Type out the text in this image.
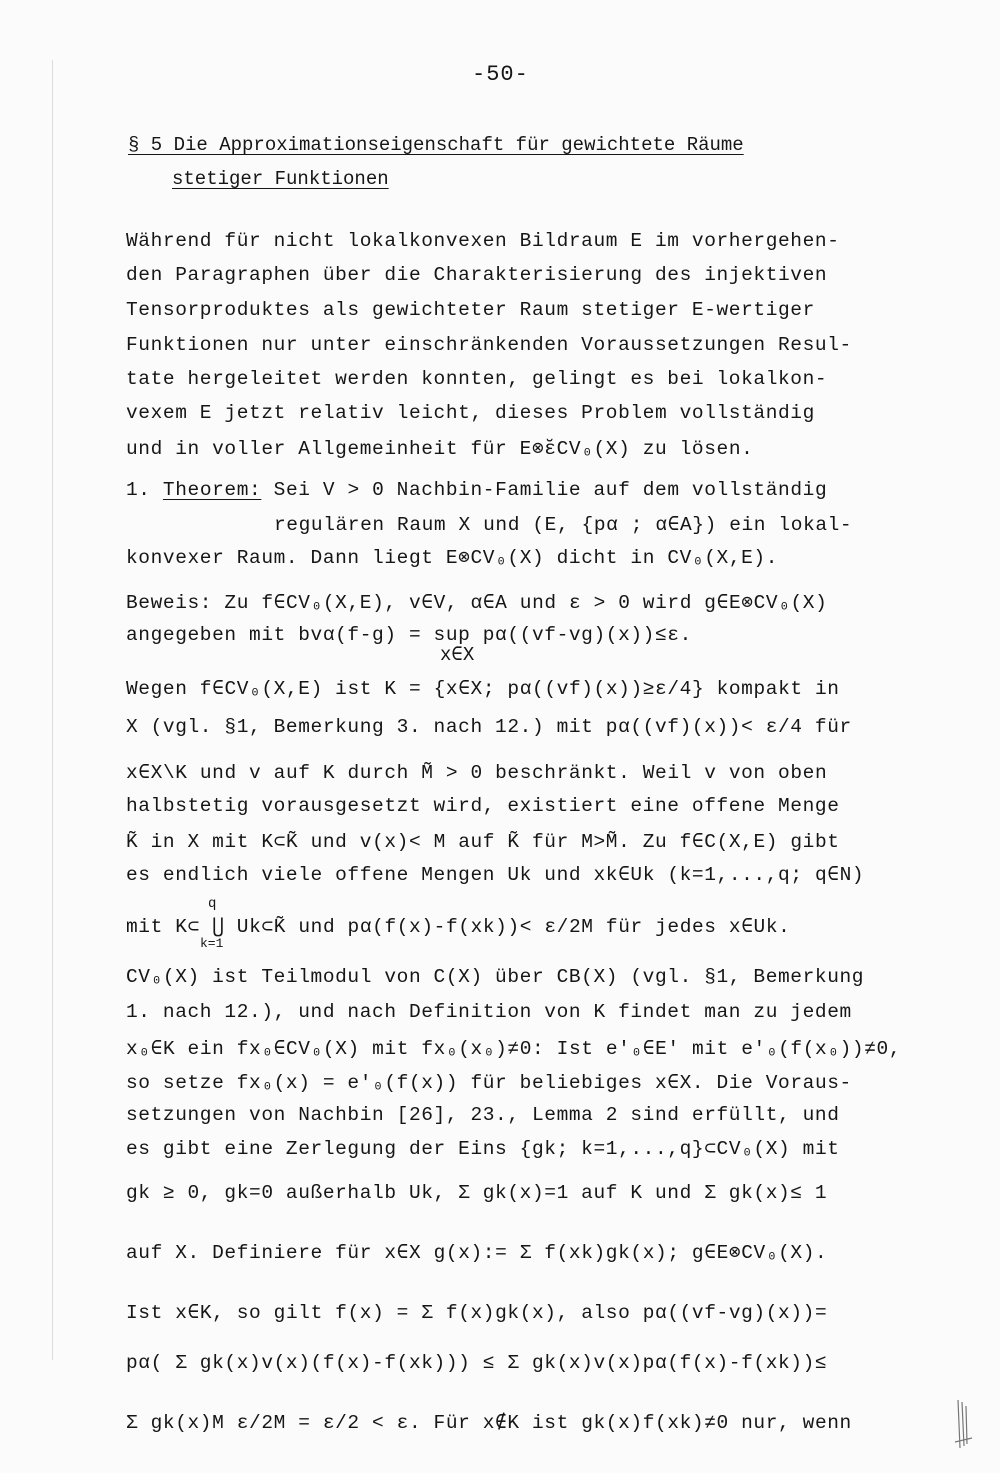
-50-
§ 5 Die Approximationseigenschaft für gewichtete Räume
stetiger Funktionen
Während für nicht lokalkonvexen Bildraum E im vorhergehen-
den Paragraphen über die Charakterisierung des injektiven
Tensorproduktes als gewichteter Raum stetiger E-wertiger
Funktionen nur unter einschränkenden Voraussetzungen Resul-
tate hergeleitet werden konnten, gelingt es bei lokalkon-
vexem E jetzt relativ leicht, dieses Problem vollständig
und in voller Allgemeinheit für E⊗̆εCV₀(X) zu lösen.
1. Theorem: Sei V > 0 Nachbin-Familie auf dem vollständig
regulären Raum X und (E, {pα ; α∈A}) ein lokal-
konvexer Raum. Dann liegt E⊗CV₀(X) dicht in CV₀(X,E).
Beweis: Zu f∈CV₀(X,E), v∈V, α∈A und ε > 0 wird g∈E⊗CV₀(X)
angegeben mit bvα(f-g) = sup pα((vf-vg)(x))≤ε.
x∈X
Wegen f∈CV₀(X,E) ist K = {x∈X; pα((vf)(x))≥ε/4} kompakt in
X (vgl. §1, Bemerkung 3. nach 12.) mit pα((vf)(x))< ε/4 für
x∈X\K und v auf K durch M̃ > 0 beschränkt. Weil v von oben
halbstetig vorausgesetzt wird, existiert eine offene Menge
K̃ in X mit K⊂K̃ und v(x)< M auf K̃ für M>M̃. Zu f∈C(X,E) gibt
es endlich viele offene Mengen Uk und xk∈Uk (k=1,...,q; q∈N)
q
mit K⊂ ⋃ Uk⊂K̃ und pα(f(x)-f(xk))< ε/2M für jedes x∈Uk.
k=1
CV₀(X) ist Teilmodul von C(X) über CB(X) (vgl. §1, Bemerkung
1. nach 12.), und nach Definition von K findet man zu jedem
x₀∈K ein fx₀∈CV₀(X) mit fx₀(x₀)≠0: Ist e'₀∈E' mit e'₀(f(x₀))≠0,
so setze fx₀(x) = e'₀(f(x)) für beliebiges x∈X. Die Voraus-
setzungen von Nachbin [26], 23., Lemma 2 sind erfüllt, und
es gibt eine Zerlegung der Eins {gk; k=1,...,q}⊂CV₀(X) mit
gk ≥ 0, gk=0 außerhalb Uk, Σ gk(x)=1 auf K und Σ gk(x)≤ 1
auf X. Definiere für x∈X g(x):= Σ f(xk)gk(x); g∈E⊗CV₀(X).
Ist x∈K, so gilt f(x) = Σ f(x)gk(x), also pα((vf-vg)(x))=
pα( Σ gk(x)v(x)(f(x)-f(xk))) ≤ Σ gk(x)v(x)pα(f(x)-f(xk))≤
Σ gk(x)M ε/2M = ε/2 < ε. Für x∉K ist gk(x)f(xk)≠0 nur, wenn
